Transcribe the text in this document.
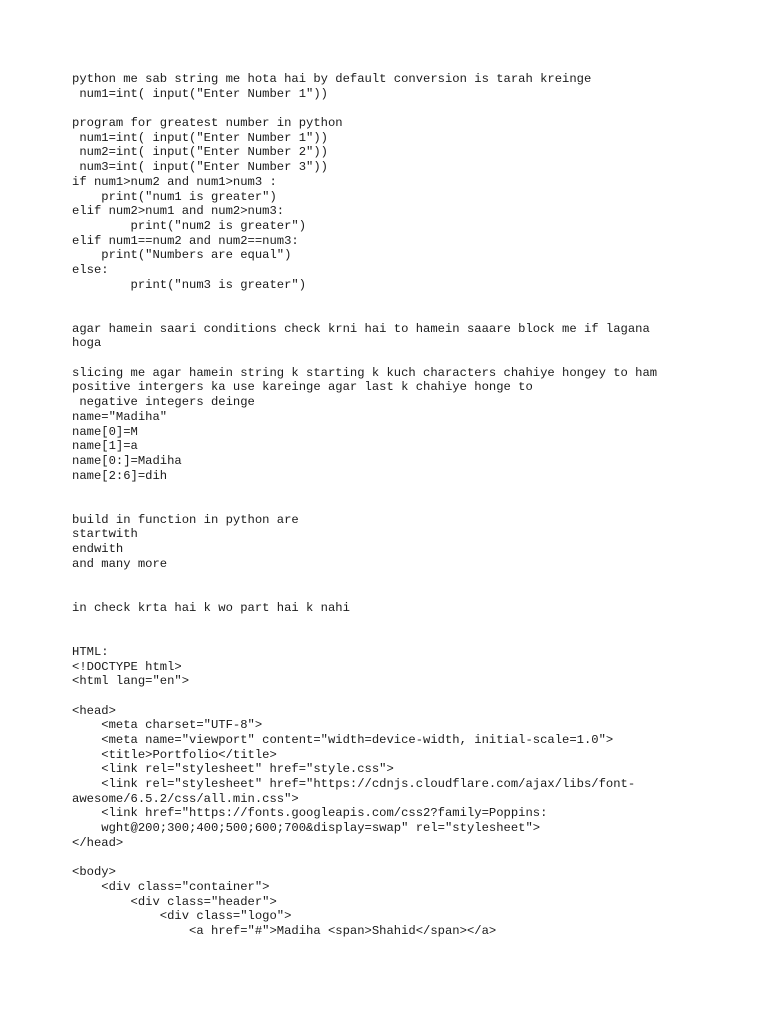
python me sab string me hota hai by default conversion is tarah kreinge
num1=int( input("Enter Number 1"))
program for greatest number in python
num1=int( input("Enter Number 1"))
num2=int( input("Enter Number 2"))
num3=int( input("Enter Number 3"))
if num1>num2 and num1>num3 :
print("num1 is greater")
elif num2>num1 and num2>num3:
print("num2 is greater")
elif num1==num2 and num2==num3:
print("Numbers are equal")
else:
print("num3 is greater")
agar hamein saari conditions check krni hai to hamein saaare block me if lagana
hoga
slicing me agar hamein string k starting k kuch characters chahiye hongey to ham
positive intergers ka use kareinge agar last k chahiye honge to
negative integers deinge
name="Madiha"
name[0]=M
name[1]=a
name[0:]=Madiha
name[2:6]=dih
build in function in python are
startwith
endwith
and many more
in check krta hai k wo part hai k nahi
HTML:
<!DOCTYPE html>
<html lang="en">
<head>
<meta charset="UTF-8">
<meta name="viewport" content="width=device-width, initial-scale=1.0">
<title>Portfolio</title>
<link rel="stylesheet" href="style.css">
<link rel="stylesheet" href="https://cdnjs.cloudflare.com/ajax/libs/font-
awesome/6.5.2/css/all.min.css">
<link href="https://fonts.googleapis.com/css2?family=Poppins:
wght@200;300;400;500;600;700&display=swap" rel="stylesheet">
</head>
<body>
<div class="container">
<div class="header">
<div class="logo">
<a href="#">Madiha <span>Shahid</span></a>
